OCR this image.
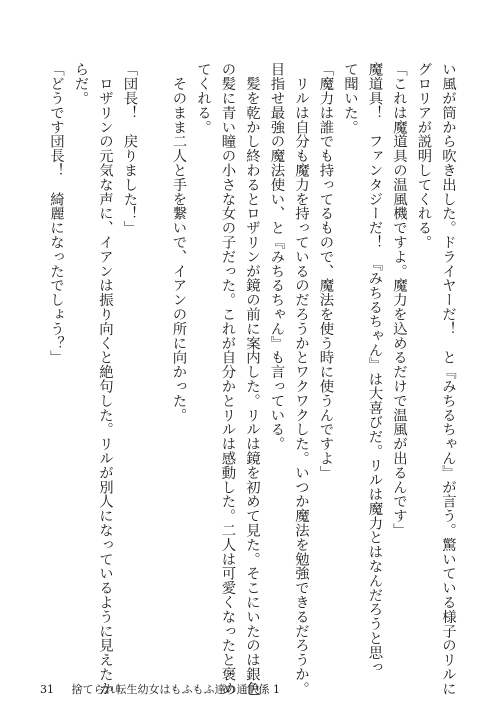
い風が筒から吹き出した。ドライヤーだ！　と『みちるちゃん』が言う。驚いている様子のリルに
グロリアが説明してくれる。
「これは魔道具の温風機ですよ。魔力を込めるだけで温風が出るんです」
魔道具！　ファンタジーだ！　『みちるちゃん』は大喜びだ。リルは魔力とはなんだろうと思っ
て聞いた。
「魔力は誰でも持ってるもので、魔法を使う時に使うんですよ」
　リルは自分も魔力を持っているのだろうかとワクワクした。いつか魔法を勉強できるだろうか。
目指せ最強の魔法使い、と『みちるちゃん』も言っている。
　髪を乾かし終わるとロザリンが鏡の前に案内した。リルは鏡を初めて見た。そこにいたのは銀色
の髪に青い瞳の小さな女の子だった。これが自分かとリルは感動した。二人は可愛くなったと褒め
てくれる。
　そのまま二人と手を繋いで、イアンの所に向かった。
「団長！　戻りました！」
　ロザリンの元気な声に、イアンは振り向くと絶句した。リルが別人になっているように見えたか
らだ。
「どうです団長！　綺麗になったでしょう？」
31 捨てられ転生幼女はもふもふ達の通訳係 1
